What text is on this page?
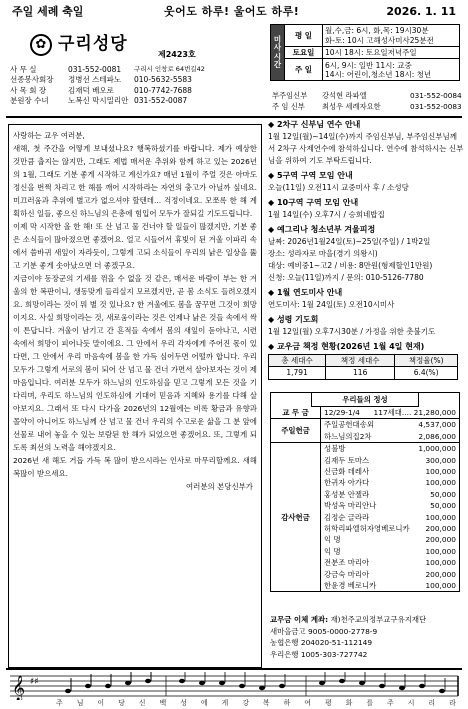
주일 세례 축일	웃어도 하루! 울어도 하루!	2026. 1. 11
✿ 구리성당
제2423호
사 무 실	031-552-0081	구리시 인창로 64번길42
선종봉사회장	정병선 스테파노	010-5632-5583
사 목 회 장	김재덕 베오로	010-7742-7688
분원장 수녀	노복신 막시밀리안 031-552-0087
미사시간	평 일	월,수,금: 6시, 화,목: 19시30분
화-토: 10시 고해성사미사25분전
	토요일	10시 18시: 토요일저녁주일
	주 일	6시, 9시: 일반 11시: 교중
14시: 어린이,청소년 18시: 청년
부주임신부	강석현 라파엘	031-552-0084
주 임 신부	최성우 세례자요한	031-552-0083

사랑하는 교우 여러분,

새해, 첫 주간을 어떻게 보내셨나요? 행복하셨기를 바랍니다. 제가 예상한 것만큼 춥지는 않지만, 그래도 제법 매서운 추위와 함께 하고 있는 2026년의 1월, 그래도 기분 좋게 시작하고 계신가요? 매년 1월이 주얼 것은 아마도 정신을 번쩍 차리고 한 해를 깨어 시작하라는 자연의 충고가 아닐까 싶네요. 미끄러움과 추위에 별고가 없으셔야 할텐데... 걱정이네요. 모쪼록 한 해 계획하신 일들, 좋으신 하느님의 은총에 힘입어 모두가 잘되길 기도드립니다.

이제 막 시작한 올 한 해! 또 산 넘고 물 건너야 할 일들이 많겠지만, 기분 좋은 소식들이 많아졌으면 좋겠어요. 얼고 시들어서 휴빛이 된 겨울 이파리 속에서 씀바귀 새잎이 자라듯이, 그렇게 고되 소식들이 우리의 낡은 일상을 뚫고 기분 좋게 솟아났으면 더 좋겠구요.

지금이야 동장군의 기세를 꺾을 수 없을 것 같은, 매서운 바람이 부는 한 겨울의 한 복판이니, 생동맞게 들리실지 모르겠지만, 곧 봄 소식도 들려오겠지요. 희망이라는 것이 뭐 별 것 있나요? 한 겨울에도 봄을 꿈꾸면 그것이 희망이지요. 사실 희망이라는 것, 새로움이라는 것은 언제나 낡은 것들 속에서 싹이 튼답니다. 겨울이 남기고 간 흔적들 속에서 봄의 새잎이 돋아나고, 시련 속에서 희망이 피어나듯 말이에요. 그 안에서 우리 각자에게 주어진 몫이 있다면, 그 안에서 우리 마음속에 봄을 한 가득 심어두면 어떨까 합니다. 우리 모두가 그렇게 서로의 봄이 되어 산 넘고 물 건너 가면서 살아보자는 것이 제 마음입니다. 여러분 모두가 하느님의 인도하심을 믿고 그렇게 모든 것을 기다리며, 우리도 하느님의 인도하심에 기대어 믿음과 지혜와 용기를 다해 살아보지요. 그래서 또 다시 다가올 2026년의 12월에는 비록 황금과 유향과 몰약이 아니어도 하느님께 산 넘고 물 건너 우리의 수고로운 삶을 그 분 앞에 선물로 내어 놓을 수 있는 보람된 한 해가 되었으면 좋겠어요. 또, 그렇게 되도록 최선의 노력을 해야겠지요.

2026년 새 해도 거듭 가득 복 많이 받으시라는 인사로 마무리할께요. 새해 복많이 받으세요.

여러분의 본당신부가

◆ 2차구 신부님 연수 안내
1월 12일(월)~14일(수)까지 주임신부님, 부주임신부님께서 2차구 사제연수에 참석하십니다. 연수에 참석하시는 신부님을 위하여 기도 부탁드립니다.
◆ 5구역 구역 모임 안내
오늘(11일) 오전11시 교중미사 후 / 소성당
◆ 10구역 구역 모임 안내
1월 14일(수) 오후7시 / 승희네밥집
◆ 예그리나 청소년부 겨울피정
날짜: 2026년1월24일(토)~25일(주일) / 1박2일
장소: 성라자로 마을(경기 의왕시)
대상: 예비중1~고2 / 비용: 8만원(형제할인1만원)
신청: 오늘(11일)까지 / 문의: 010-5126-7780
◆ 1월 연도미사 안내
연도미사: 1월 24일(토) 오전10시미사
◆ 성령 기도회
1월 12일(월) 오후7시30분 / 가정을 위한 촛불기도
◆ 교우금 책정 현황(2026년 1월 4일 현재)
총 세대수	책정 세대수	책정율(%)
1,791	116	6.4(%)
우리들의 정성
교 무 금	12/29-1/4 117세대.... 21,280,000
주일헌금
주일공헌대송외	4,537,000
하느님의집2차	2,086,000
감사헌금
성불방	1,000,000
김재두 토마스	300,000
신금화 데레사	100,000
한귀자 아가다	100,000
홍성분 안젤라	50,000
박성옥 마리안나	50,000
김정순 글라라	100,000
허학리파엘허자영베로니카 200,000
익 명	200,000
익 명	100,000
전분조 마리아	100,000
강금숙 마리아	200,000
한윤경 베로니카	100,000
교무금 이체 계좌: 재)천주교의정부교구유지재단
새마을금고 9005-0000-2778-9
농협은행 204020-51-112149
우리은행 1005-303-727742
𝄞 ♯♯
주 님 이 당 신 백 성 에 게 강 복 하 여 평 화 를 주 시 리 라
